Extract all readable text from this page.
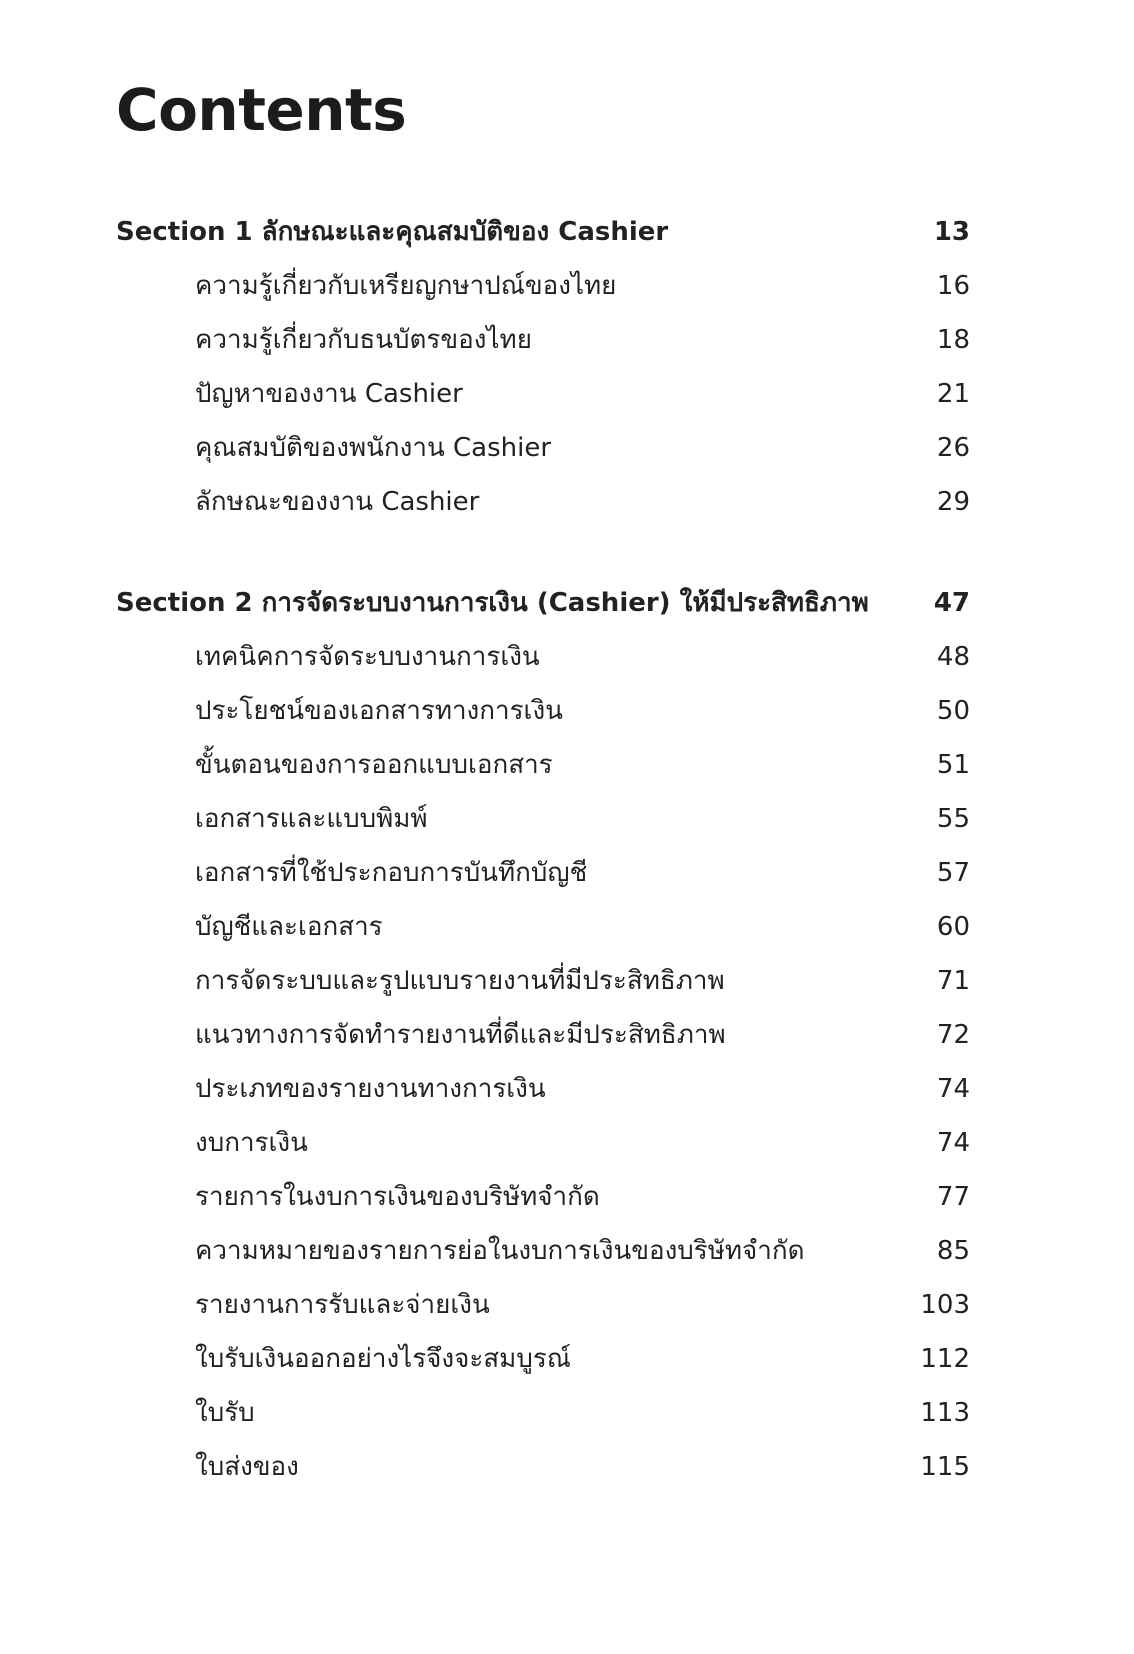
Contents
Section 1 ลักษณะและคุณสมบัติของ Cashier	13
ความรู้เกี่ยวกับเหรียญกษาปณ์ของไทย	16
ความรู้เกี่ยวกับธนบัตรของไทย	18
ปัญหาของงาน Cashier	21
คุณสมบัติของพนักงาน Cashier	26
ลักษณะของงาน Cashier	29
Section 2 การจัดระบบงานการเงิน (Cashier) ให้มีประสิทธิภาพ	47
เทคนิคการจัดระบบงานการเงิน	48
ประโยชน์ของเอกสารทางการเงิน	50
ขั้นตอนของการออกแบบเอกสาร	51
เอกสารและแบบพิมพ์	55
เอกสารที่ใช้ประกอบการบันทึกบัญชี	57
บัญชีและเอกสาร	60
การจัดระบบและรูปแบบรายงานที่มีประสิทธิภาพ	71
แนวทางการจัดทำรายงานที่ดีและมีประสิทธิภาพ	72
ประเภทของรายงานทางการเงิน	74
งบการเงิน	74
รายการในงบการเงินของบริษัทจำกัด	77
ความหมายของรายการย่อในงบการเงินของบริษัทจำกัด	85
รายงานการรับและจ่ายเงิน	103
ใบรับเงินออกอย่างไรจึงจะสมบูรณ์	112
ใบรับ	113
ใบส่งของ	115
